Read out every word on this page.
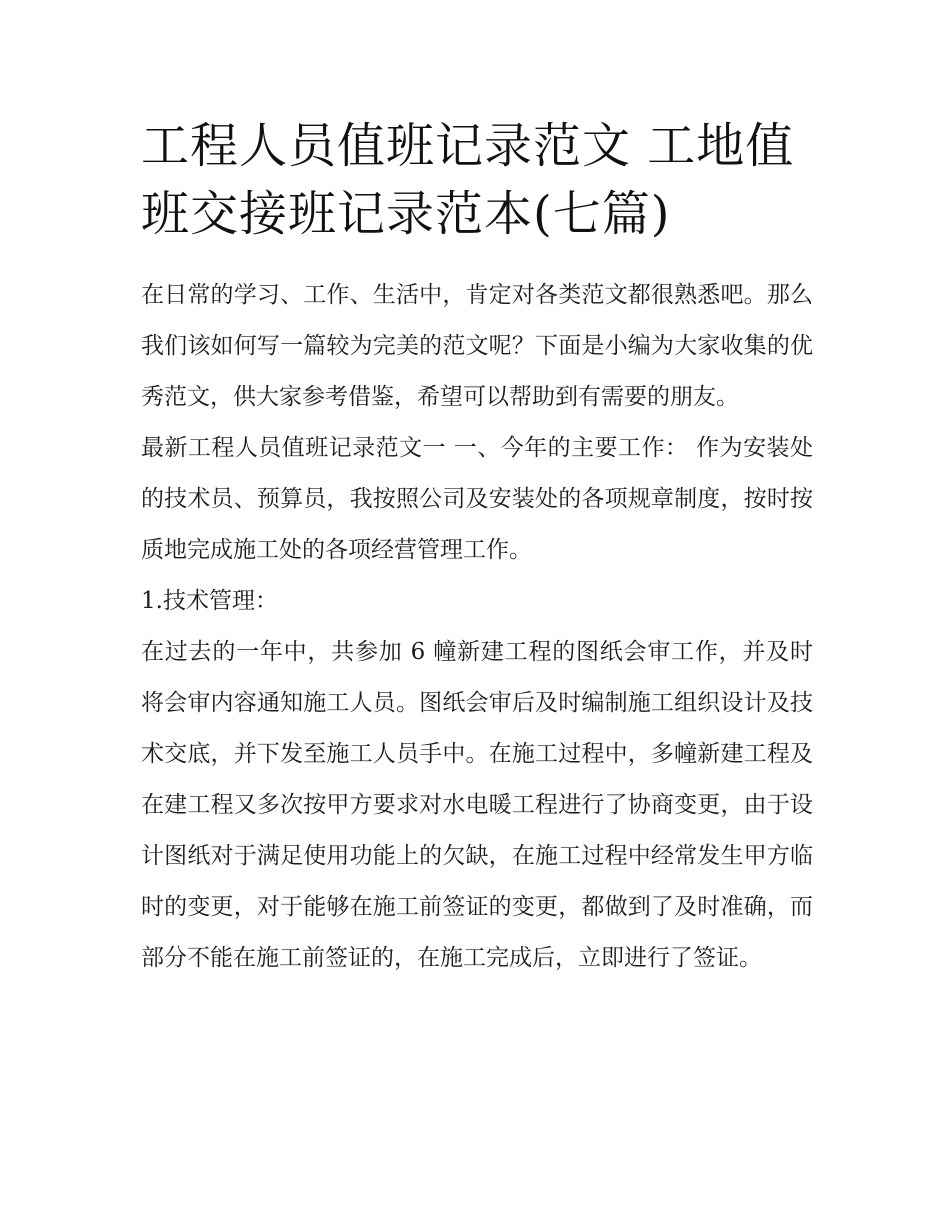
工程人员值班记录范文 工地值班交接班记录范本(七篇)

在日常的学习、工作、生活中，肯定对各类范文都很熟悉吧。那么我们该如何写一篇较为完美的范文呢？下面是小编为大家收集的优秀范文，供大家参考借鉴，希望可以帮助到有需要的朋友。

最新工程人员值班记录范文一 一、今年的主要工作： 作为安装处的技术员、预算员，我按照公司及安装处的各项规章制度，按时按质地完成施工处的各项经营管理工作。

1.技术管理：

在过去的一年中，共参加 6 幢新建工程的图纸会审工作，并及时将会审内容通知施工人员。图纸会审后及时编制施工组织设计及技术交底，并下发至施工人员手中。在施工过程中，多幢新建工程及在建工程又多次按甲方要求对水电暖工程进行了协商变更，由于设计图纸对于满足使用功能上的欠缺，在施工过程中经常发生甲方临时的变更，对于能够在施工前签证的变更，都做到了及时准确，而部分不能在施工前签证的，在施工完成后，立即进行了签证。
